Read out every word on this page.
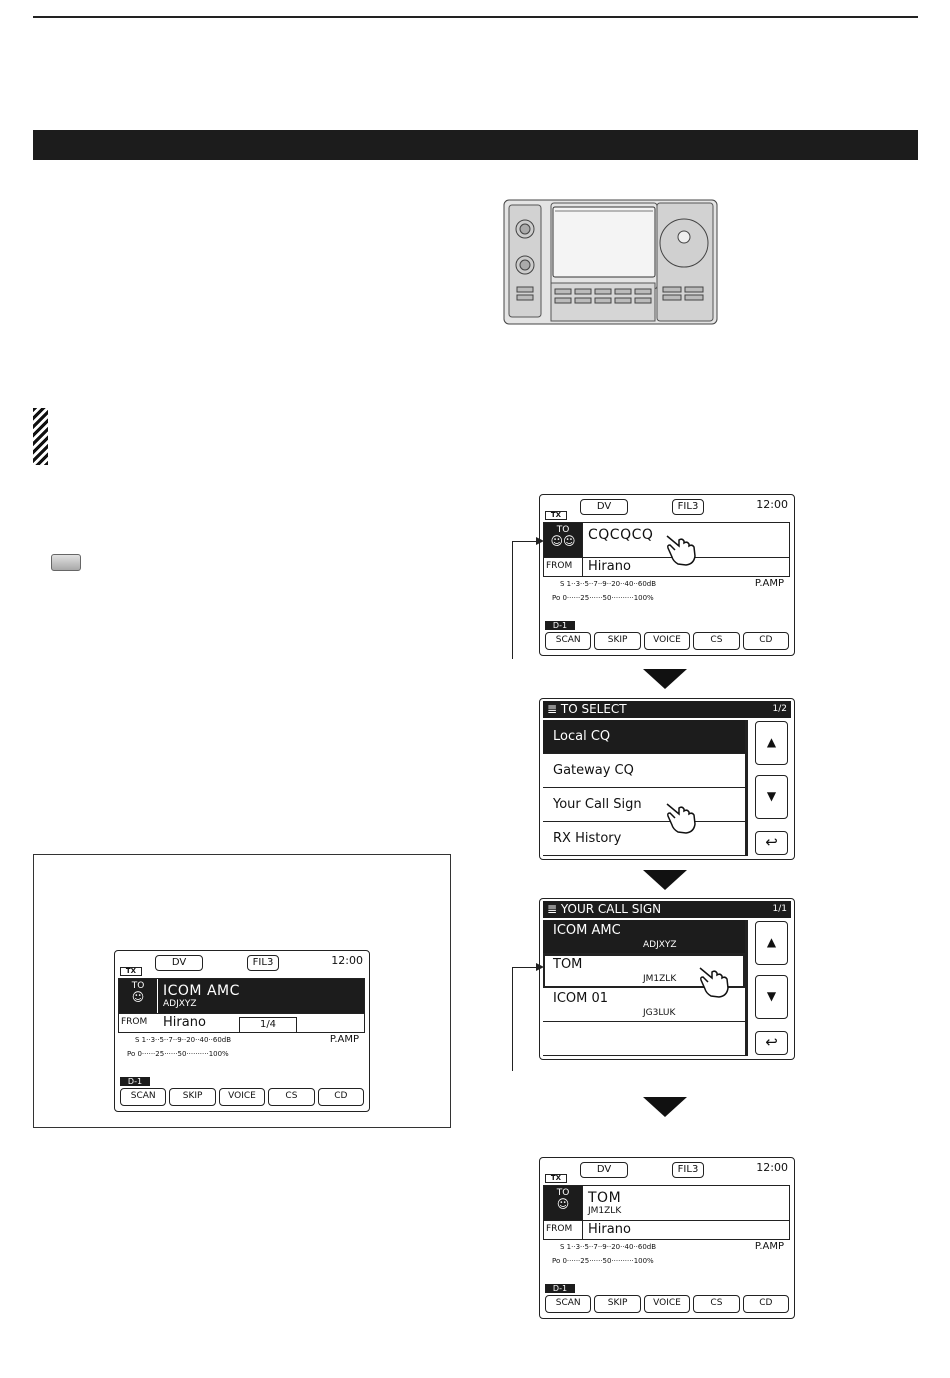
DV	FIL3	12:00
TX
TO
☺☺ CQCQCQ
FROM Hirano
S 1··3··5··7··9··20··40··60dB	P.AMP
Po 0······25······50··········100%
D-1
SCAN	SKIP	VOICE	CS	CD
≣ TO SELECT	1/2
Local CQ
Gateway CQ
Your Call Sign
RX History
▲
▼
↩
≣ YOUR CALL SIGN	1/1
ICOM AMC
ADJXYZ
TOM
JM1ZLK
ICOM 01
JG3LUK
▲
▼
↩
DV	FIL3	12:00
TX
TO
☺	TOM
JM1ZLK
FROM Hirano
S 1··3··5··7··9··20··40··60dB	P.AMP
Po 0······25······50··········100%
D-1
SCAN	SKIP	VOICE	CS	CD
DV	FIL3	12:00
TX
TO
☺	ICOM AMC
ADJXYZ
FROM Hirano	1/4
S 1··3··5··7··9··20··40··60dB	P.AMP
Po 0······25······50··········100%
D-1
SCAN	SKIP	VOICE	CS	CD
